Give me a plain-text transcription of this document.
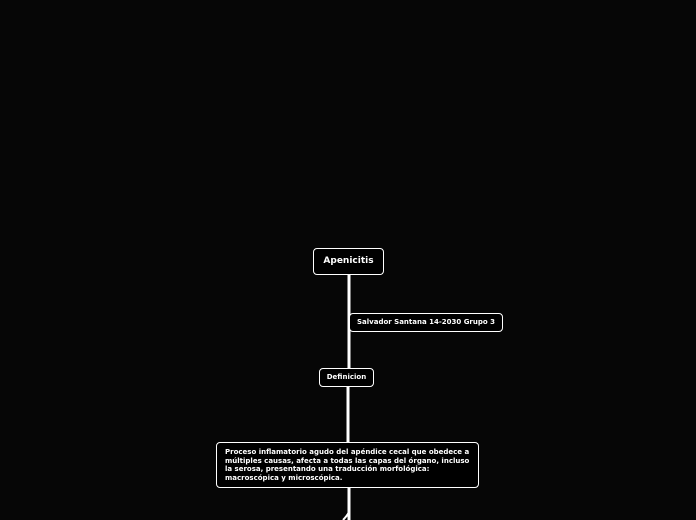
Apenicitis
Salvador Santana 14-2030 Grupo 3
Definicion
Proceso inflamatorio agudo del apéndice cecal que obedece a múltiples causas, afecta a todas las capas del órgano, incluso la serosa, presentando una traducción morfológica: macroscópica y microscópica.
